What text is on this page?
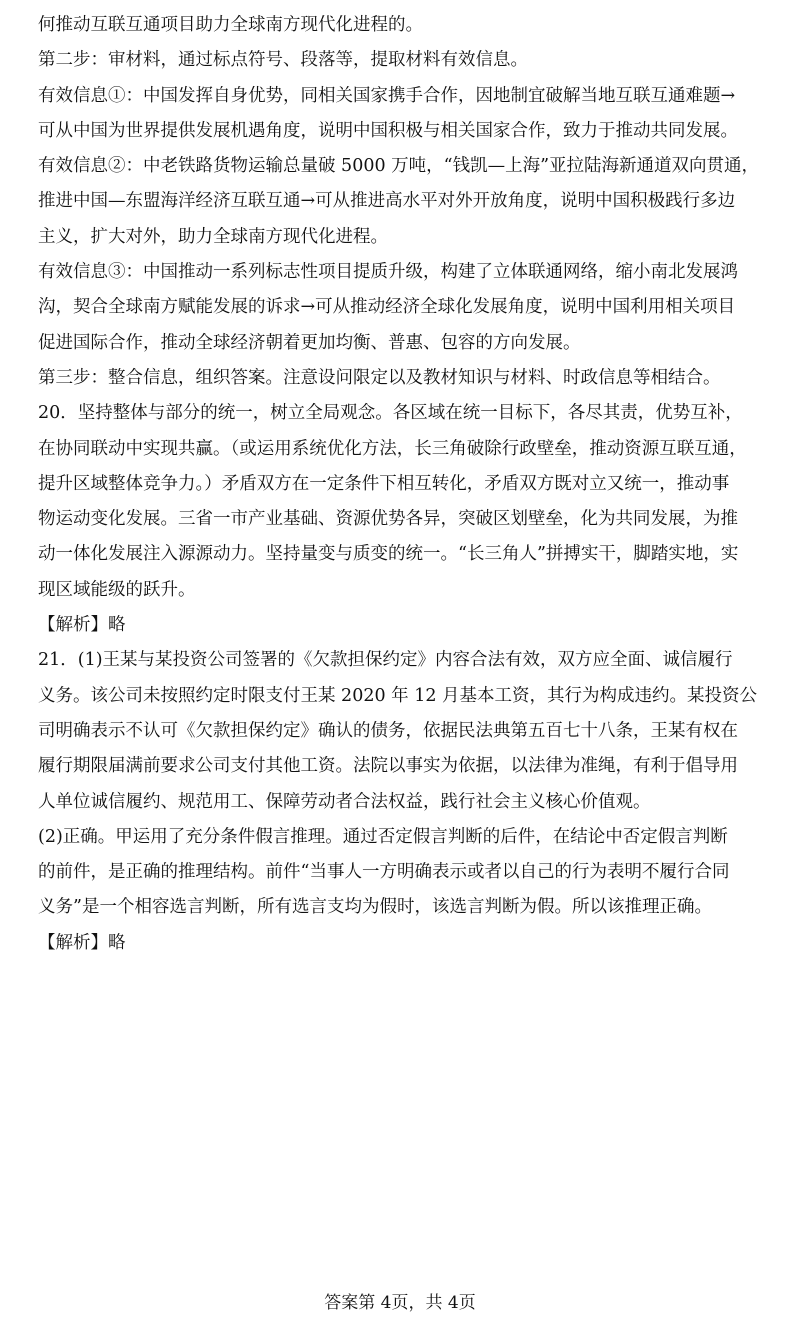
何推动互联互通项目助力全球南方现代化进程的。
第二步：审材料，通过标点符号、段落等，提取材料有效信息。
有效信息①：中国发挥自身优势，同相关国家携手合作，因地制宜破解当地互联互通难题→
可从中国为世界提供发展机遇角度，说明中国积极与相关国家合作，致力于推动共同发展。
有效信息②：中老铁路货物运输总量破 5000 万吨，“钱凯—上海”亚拉陆海新通道双向贯通，
推进中国—东盟海洋经济互联互通→可从推进高水平对外开放角度，说明中国积极践行多边
主义，扩大对外，助力全球南方现代化进程。
有效信息③：中国推动一系列标志性项目提质升级，构建了立体联通网络，缩小南北发展鸿
沟，契合全球南方赋能发展的诉求→可从推动经济全球化发展角度，说明中国利用相关项目
促进国际合作，推动全球经济朝着更加均衡、普惠、包容的方向发展。
第三步：整合信息，组织答案。注意设问限定以及教材知识与材料、时政信息等相结合。
20．坚持整体与部分的统一，树立全局观念。各区域在统一目标下，各尽其责，优势互补，
在协同联动中实现共赢。（或运用系统优化方法，长三角破除行政壁垒，推动资源互联互通，
提升区域整体竞争力。）矛盾双方在一定条件下相互转化，矛盾双方既对立又统一，推动事
物运动变化发展。三省一市产业基础、资源优势各异，突破区划壁垒，化为共同发展，为推
动一体化发展注入源源动力。坚持量变与质变的统一。“长三角人”拼搏实干，脚踏实地，实
现区域能级的跃升。
【解析】略
21．(1)王某与某投资公司签署的《欠款担保约定》内容合法有效，双方应全面、诚信履行
义务。该公司未按照约定时限支付王某 2020 年 12 月基本工资，其行为构成违约。某投资公
司明确表示不认可《欠款担保约定》确认的债务，依据民法典第五百七十八条，王某有权在
履行期限届满前要求公司支付其他工资。法院以事实为依据，以法律为准绳，有利于倡导用
人单位诚信履约、规范用工、保障劳动者合法权益，践行社会主义核心价值观。
(2)正确。甲运用了充分条件假言推理。通过否定假言判断的后件，在结论中否定假言判断
的前件，是正确的推理结构。前件“当事人一方明确表示或者以自己的行为表明不履行合同
义务”是一个相容选言判断，所有选言支均为假时，该选言判断为假。所以该推理正确。
【解析】略
答案第 4页，共 4页
